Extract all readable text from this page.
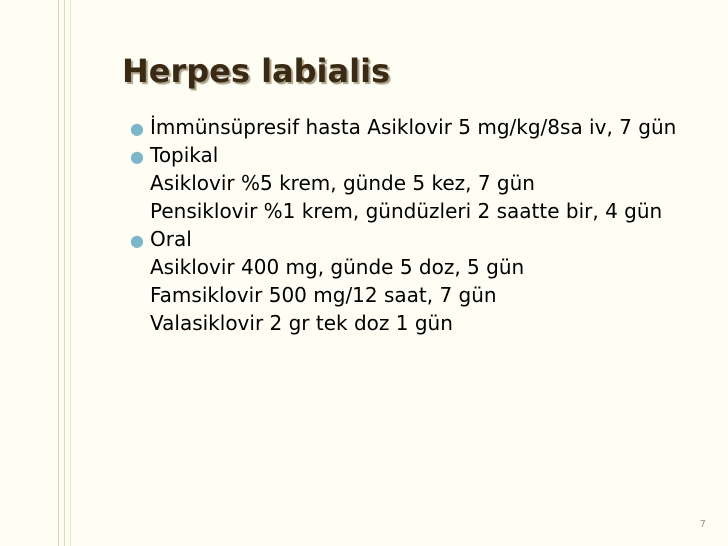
Herpes labialis
● İmmünsüpresif hasta Asiklovir 5 mg/kg/8sa iv, 7 gün
● Topikal
Asiklovir %5 krem, günde 5 kez, 7 gün
Pensiklovir %1 krem, gündüzleri 2 saatte bir, 4 gün
● Oral
Asiklovir 400 mg, günde 5 doz, 5 gün
Famsiklovir 500 mg/12 saat, 7 gün
Valasiklovir 2 gr tek doz 1 gün
7
